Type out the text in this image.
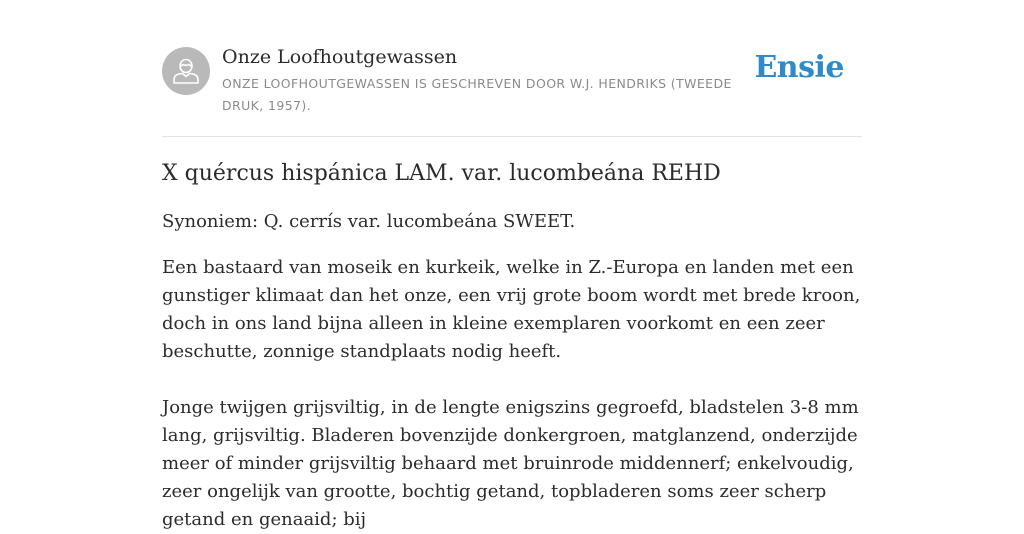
Onze Loofhoutgewassen
ONZE LOOFHOUTGEWASSEN IS GESCHREVEN DOOR W.J. HENDRIKS (TWEEDE DRUK, 1957).
Ensie
X quércus hispánica LAM. var. lucombeána REHD

Synoniem: Q. cerrís var. lucombeána SWEET.

Een bastaard van moseik en kurkeik, welke in Z.-Europa en landen met een gunstiger klimaat dan het onze, een vrij grote boom wordt met brede kroon, doch in ons land bijna alleen in kleine exemplaren voorkomt en een zeer beschutte, zonnige standplaats nodig heeft.

Jonge twijgen grijsviltig, in de lengte enigszins gegroefd, bladstelen 3-8 mm lang, grijsviltig. Bladeren bovenzijde donkergroen, matglanzend, onderzijde meer of minder grijsviltig behaard met bruinrode middennerf; enkelvoudig, zeer ongelijk van grootte, bochtig getand, topbladeren soms zeer scherp getand en genaaid; bij
